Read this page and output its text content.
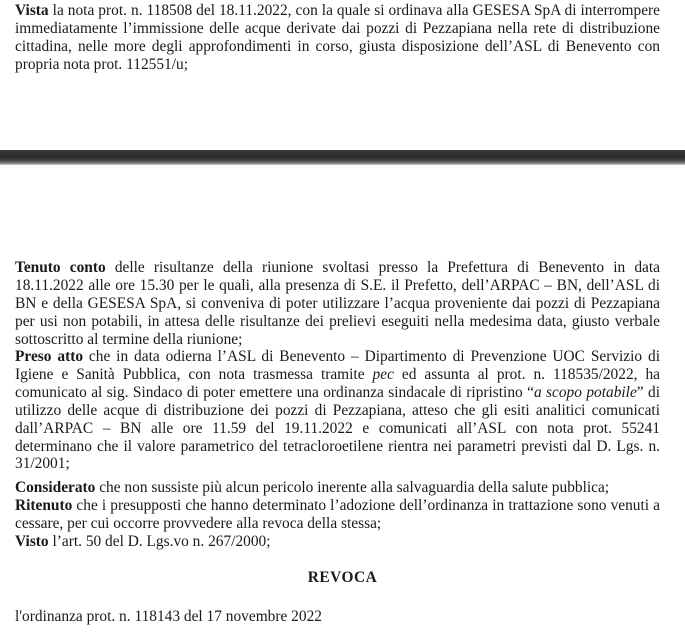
Vista la nota prot. n. 118508 del 18.11.2022, con la quale si ordinava alla GESESA SpA di interrompere immediatamente l’immissione delle acque derivate dai pozzi di Pezzapiana nella rete di distribuzione cittadina, nelle more degli approfondimenti in corso, giusta disposizione dell’ASL di Benevento con propria nota prot. 112551/u;

Tenuto conto delle risultanze della riunione svoltasi presso la Prefettura di Benevento in data 18.11.2022 alle ore 15.30 per le quali, alla presenza di S.E. il Prefetto, dell’ARPAC – BN, dell’ASL di BN e della GESESA SpA, si conveniva di poter utilizzare l’acqua proveniente dai pozzi di Pezzapiana per usi non potabili, in attesa delle risultanze dei prelievi eseguiti nella medesima data, giusto verbale sottoscritto al termine della riunione;

Preso atto che in data odierna l’ASL di Benevento – Dipartimento di Prevenzione UOC Servizio di Igiene e Sanità Pubblica, con nota trasmessa tramite pec ed assunta al prot. n. 118535/2022, ha comunicato al sig. Sindaco di poter emettere una ordinanza sindacale di ripristino “a scopo potabile” di utilizzo delle acque di distribuzione dei pozzi di Pezzapiana, atteso che gli esiti analitici comunicati dall’ARPAC – BN alle ore 11.59 del 19.11.2022 e comunicati all’ASL con nota prot. 55241 determinano che il valore parametrico del tetracloroetilene rientra nei parametri previsti dal D. Lgs. n. 31/2001;

Considerato che non sussiste più alcun pericolo inerente alla salvaguardia della salute pubblica;

Ritenuto che i presupposti che hanno determinato l’adozione dell’ordinanza in trattazione sono venuti a cessare, per cui occorre provvedere alla revoca della stessa;

Visto l’art. 50 del D. Lgs.vo n. 267/2000;

REVOCA

l'ordinanza prot. n. 118143 del 17 novembre 2022
